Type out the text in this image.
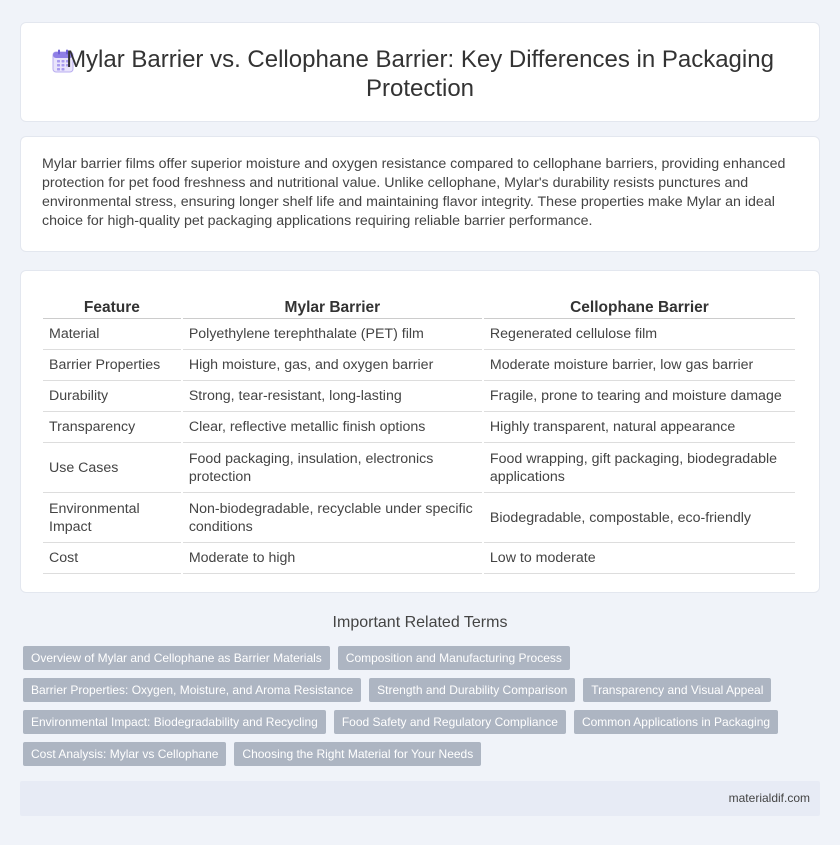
Mylar Barrier vs. Cellophane Barrier: Key Differences in Packaging Protection

Mylar barrier films offer superior moisture and oxygen resistance compared to cellophane barriers, providing enhanced protection for pet food freshness and nutritional value. Unlike cellophane, Mylar's durability resists punctures and environmental stress, ensuring longer shelf life and maintaining flavor integrity. These properties make Mylar an ideal choice for high-quality pet packaging applications requiring reliable barrier performance.

Feature	Mylar Barrier	Cellophane Barrier
Material	Polyethylene terephthalate (PET) film	Regenerated cellulose film
Barrier Properties	High moisture, gas, and oxygen barrier	Moderate moisture barrier, low gas barrier
Durability	Strong, tear-resistant, long-lasting	Fragile, prone to tearing and moisture damage
Transparency	Clear, reflective metallic finish options	Highly transparent, natural appearance
Use Cases	Food packaging, insulation, electronics protection	Food wrapping, gift packaging, biodegradable applications
Environmental Impact	Non-biodegradable, recyclable under specific conditions	Biodegradable, compostable, eco-friendly
Cost	Moderate to high	Low to moderate
Important Related Terms
Overview of Mylar and Cellophane as Barrier Materials	Composition and Manufacturing Process
Barrier Properties: Oxygen, Moisture, and Aroma Resistance	Strength and Durability Comparison	Transparency and Visual Appeal
Environmental Impact: Biodegradability and Recycling	Food Safety and Regulatory Compliance	Common Applications in Packaging
Cost Analysis: Mylar vs Cellophane	Choosing the Right Material for Your Needs
materialdif.com
